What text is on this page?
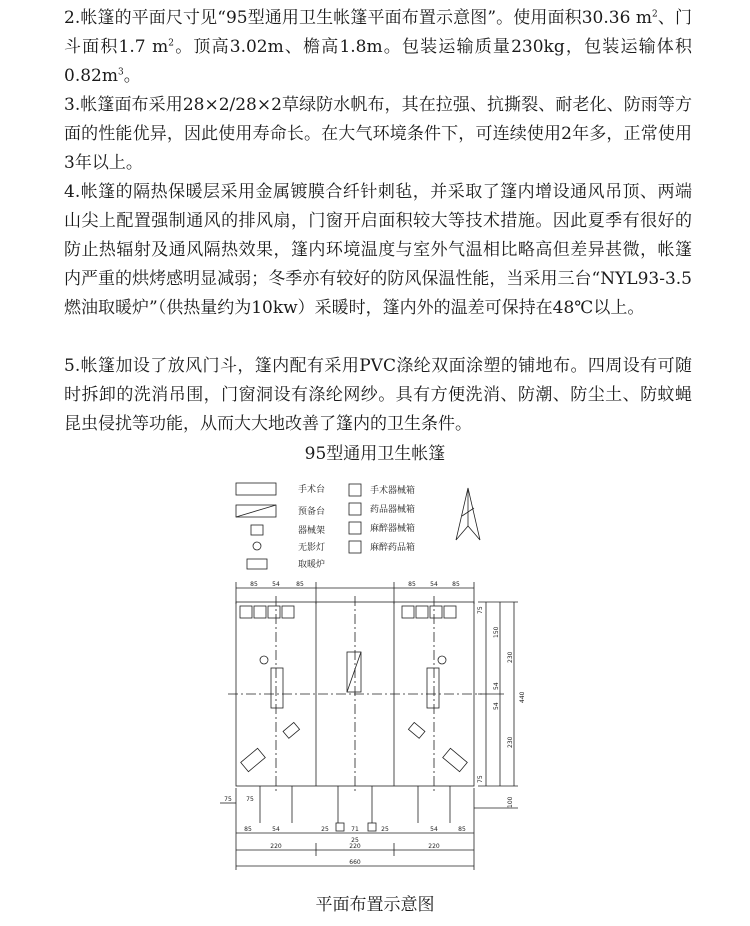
2.帐篷的平面尺寸见“95型通用卫生帐篷平面布置示意图”。使用面积30.36 $m^2$、门斗面积1.7 $m^2$。顶高3.02m、檐高1.8m。包装运输质量230kg，包装运输体积$0.82m^3$。

3.帐篷面布采用28×2/28×2草绿防水帆布，其在拉强、抗撕裂、耐老化、防雨等方面的性能优异，因此使用寿命长。在大气环境条件下，可连续使用2年多，正常使用3年以上。

4.帐篷的隔热保暖层采用金属镀膜合纤针刺毡，并采取了篷内增设通风吊顶、两端山尖上配置强制通风的排风扇，门窗开启面积较大等技术措施。因此夏季有很好的防止热辐射及通风隔热效果，篷内环境温度与室外气温相比略高但差异甚微，帐篷内严重的烘烤感明显减弱；冬季亦有较好的防风保温性能，当采用三台“NYL93-3.5燃油取暖炉”（供热量约为10kw）采暖时，篷内外的温差可保持在48℃以上。

5.帐篷加设了放风门斗，篷内配有采用PVC涤纶双面涂塑的铺地布。四周设有可随时拆卸的洗消吊围，门窗洞设有涤纶网纱。具有方便洗消、防潮、防尘土、防蚊蝇昆虫侵扰等功能，从而大大地改善了篷内的卫生条件。

95型通用卫生帐篷
手术台
预备台
器械架
无影灯
取暖炉
手术器械箱
药品器械箱
麻醉器械箱
麻醉药品箱
85 54	85	85 54 85
85	54	25	71	25	54	85
25
220	220	220
660
75 75
75
150
230
54
54
230
75
100
440
平面布置示意图
